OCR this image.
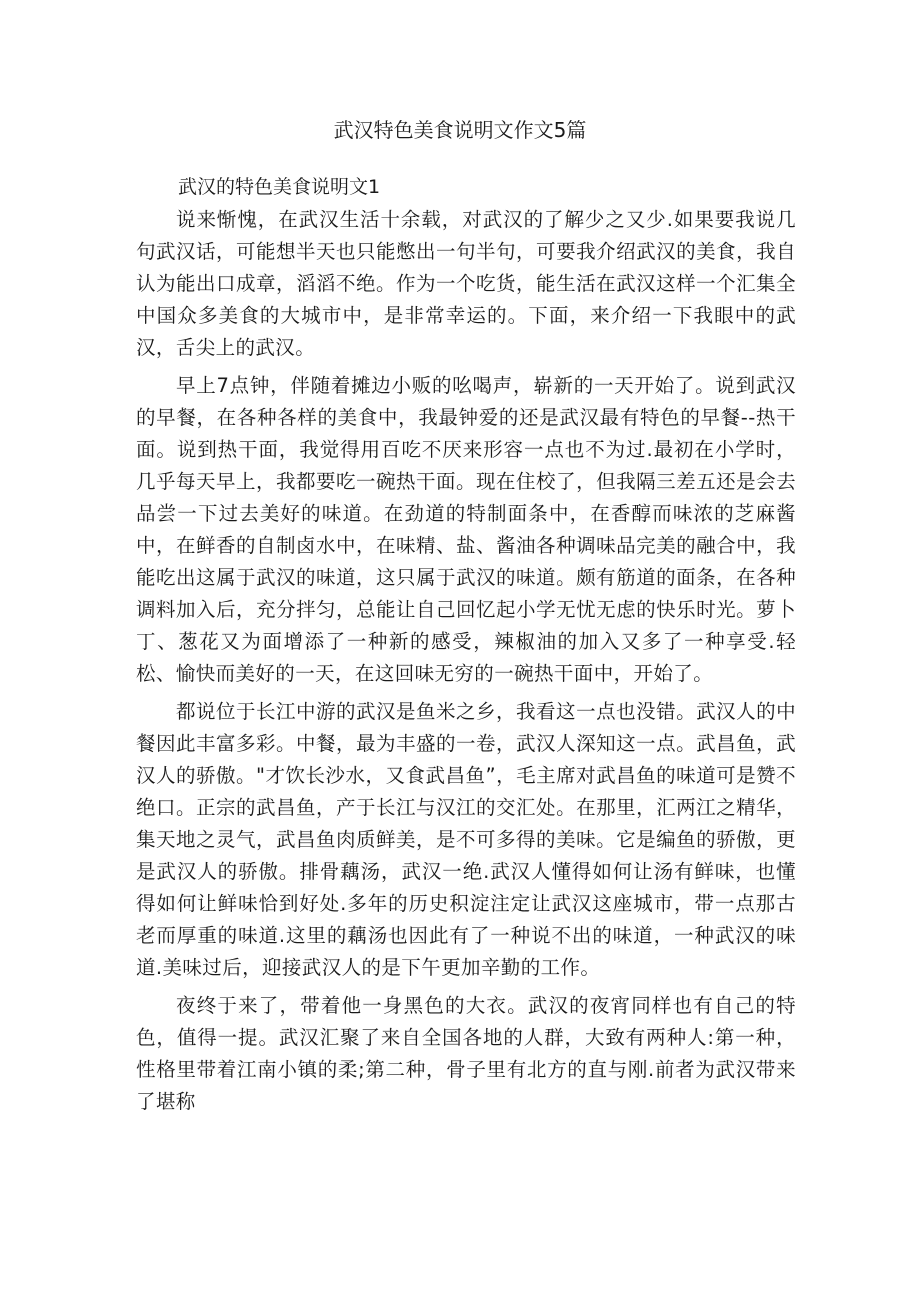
武汉特色美食说明文作文5篇
武汉的特色美食说明文1

说来惭愧，在武汉生活十余载，对武汉的了解少之又少.如果要我说几句武汉话，可能想半天也只能憋出一句半句，可要我介绍武汉的美食，我自认为能出口成章，滔滔不绝。作为一个吃货，能生活在武汉这样一个汇集全中国众多美食的大城市中，是非常幸运的。下面，来介绍一下我眼中的武汉，舌尖上的武汉。

早上7点钟，伴随着摊边小贩的吆喝声，崭新的一天开始了。说到武汉的早餐，在各种各样的美食中，我最钟爱的还是武汉最有特色的早餐--热干面。说到热干面，我觉得用百吃不厌来形容一点也不为过.最初在小学时，几乎每天早上，我都要吃一碗热干面。现在住校了，但我隔三差五还是会去品尝一下过去美好的味道。在劲道的特制面条中，在香醇而味浓的芝麻酱中，在鲜香的自制卤水中，在味精、盐、酱油各种调味品完美的融合中，我能吃出这属于武汉的味道，这只属于武汉的味道。颇有筋道的面条，在各种调料加入后，充分拌匀，总能让自己回忆起小学无忧无虑的快乐时光。萝卜丁、葱花又为面增添了一种新的感受，辣椒油的加入又多了一种享受.轻松、愉快而美好的一天，在这回味无穷的一碗热干面中，开始了。

都说位于长江中游的武汉是鱼米之乡，我看这一点也没错。武汉人的中餐因此丰富多彩。中餐，最为丰盛的一卷，武汉人深知这一点。武昌鱼，武汉人的骄傲。"才饮长沙水，又食武昌鱼”，毛主席对武昌鱼的味道可是赞不绝口。正宗的武昌鱼，产于长江与汉江的交汇处。在那里，汇两江之精华，集天地之灵气，武昌鱼肉质鲜美，是不可多得的美味。它是编鱼的骄傲，更是武汉人的骄傲。排骨藕汤，武汉一绝.武汉人懂得如何让汤有鲜味，也懂得如何让鲜味恰到好处.多年的历史积淀注定让武汉这座城市，带一点那古老而厚重的味道.这里的藕汤也因此有了一种说不出的味道，一种武汉的味道.美味过后，迎接武汉人的是下午更加辛勤的工作。

夜终于来了，带着他一身黑色的大衣。武汉的夜宵同样也有自己的特色，值得一提。武汉汇聚了来自全国各地的人群，大致有两种人:第一种，性格里带着江南小镇的柔;第二种，骨子里有北方的直与刚.前者为武汉带来了堪称
